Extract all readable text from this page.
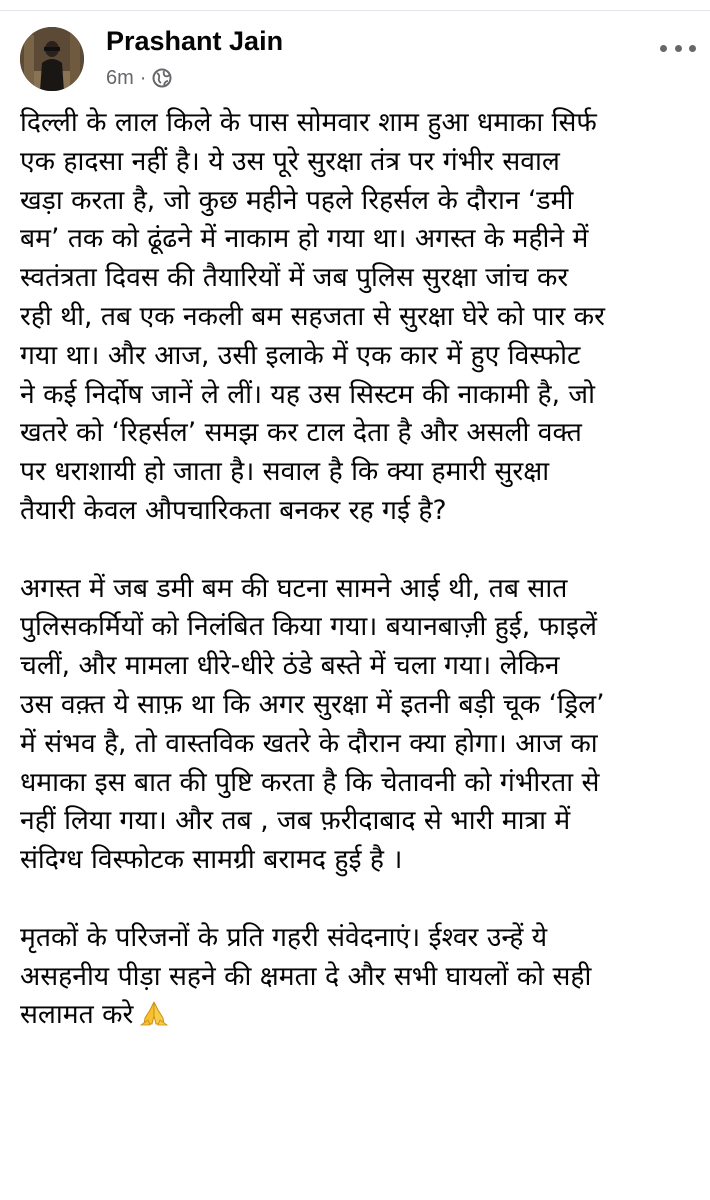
Prashant Jain
6m ·

दिल्ली के लाल किले के पास सोमवार शाम हुआ धमाका सिर्फ
एक हादसा नहीं है। ये उस पूरे सुरक्षा तंत्र पर गंभीर सवाल
खड़ा करता है, जो कुछ महीने पहले रिहर्सल के दौरान ‘डमी
बम’ तक को ढूंढने में नाकाम हो गया था। अगस्त के महीने में
स्वतंत्रता दिवस की तैयारियों में जब पुलिस सुरक्षा जांच कर
रही थी, तब एक नकली बम सहजता से सुरक्षा घेरे को पार कर
गया था। और आज, उसी इलाके में एक कार में हुए विस्फोट
ने कई निर्दोष जानें ले लीं। यह उस सिस्टम की नाकामी है, जो
खतरे को ‘रिहर्सल’ समझ कर टाल देता है और असली वक्त
पर धराशायी हो जाता है। सवाल है कि क्या हमारी सुरक्षा
तैयारी केवल औपचारिकता बनकर रह गई है?

अगस्त में जब डमी बम की घटना सामने आई थी, तब सात
पुलिसकर्मियों को निलंबित किया गया। बयानबाज़ी हुई, फाइलें
चलीं, और मामला धीरे-धीरे ठंडे बस्ते में चला गया। लेकिन
उस वक़्त ये साफ़ था कि अगर सुरक्षा में इतनी बड़ी चूक ‘ड्रिल’
में संभव है, तो वास्तविक खतरे के दौरान क्या होगा। आज का
धमाका इस बात की पुष्टि करता है कि चेतावनी को गंभीरता से
नहीं लिया गया। और तब , जब फ़रीदाबाद से भारी मात्रा में
संदिग्ध विस्फोटक सामग्री बरामद हुई है ।

मृतकों के परिजनों के प्रति गहरी संवेदनाएं। ईश्वर उन्हें ये
असहनीय पीड़ा सहने की क्षमता दे और सभी घायलों को सही
सलामत करे
